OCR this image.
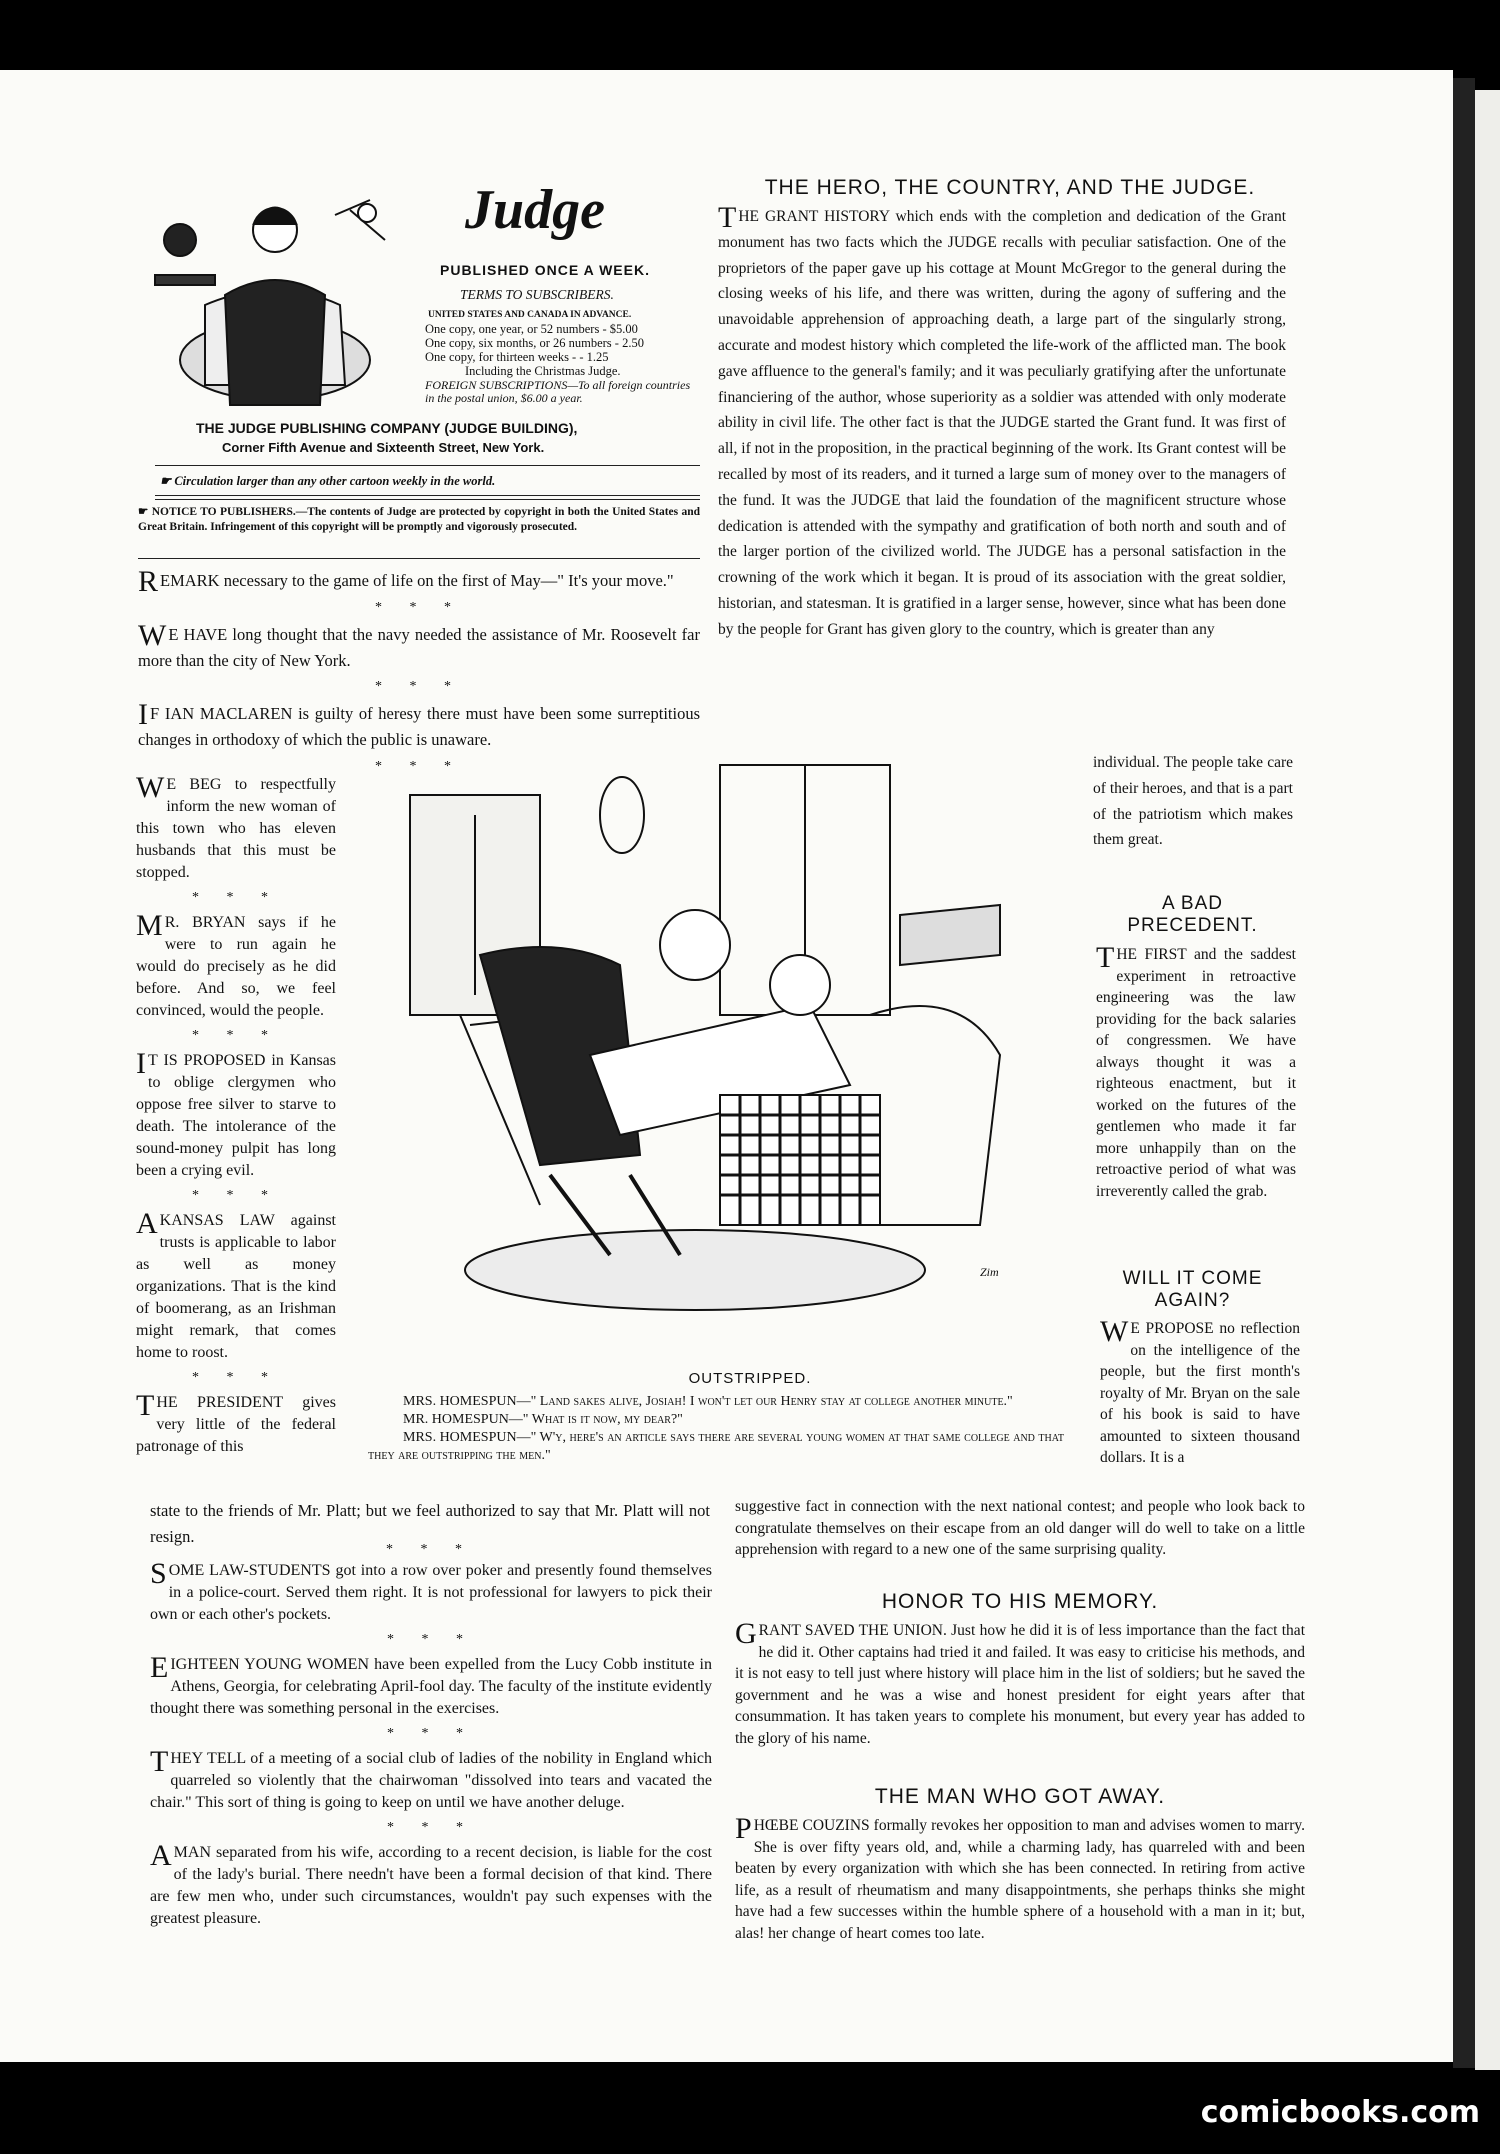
Judge
PUBLISHED ONCE A WEEK.
TERMS TO SUBSCRIBERS.
UNITED STATES AND CANADA IN ADVANCE.
One copy, one year, or 52 numbers - $5.00
One copy, six months, or 26 numbers - 2.50
One copy, for thirteen weeks - - 1.25
Including the Christmas Judge.
FOREIGN SUBSCRIPTIONS—To all foreign countries in the postal union, $6.00 a year.
THE JUDGE PUBLISHING COMPANY (JUDGE BUILDING),
Corner Fifth Avenue and Sixteenth Street, New York.
☛ Circulation larger than any other cartoon weekly in the world.
☛ NOTICE TO PUBLISHERS.—The contents of Judge are protected by copyright in both the United States and Great Britain. Infringement of this copyright will be promptly and vigorously prosecuted.

REMARK necessary to the game of life on the first of May—" It's your move."

* * *

W E HAVE long thought that the navy needed the assistance of Mr. Roosevelt far more than the city of New York.

* * *

I F IAN MACLAREN is guilty of heresy there must have been some surreptitious changes in orthodoxy of which the public is unaware.

* * *

W E BEG to respectfully inform the new woman of this town who has eleven husbands that this must be stopped.

* * *

M R. BRYAN says if he were to run again he would do precisely as he did before. And so, we feel convinced, would the people.

* * *

I T IS PROPOSED in Kansas to oblige clergymen who oppose free silver to starve to death. The intolerance of the sound-money pulpit has long been a crying evil.

* * *

A KANSAS LAW against trusts is applicable to labor as well as money organizations. That is the kind of boomerang, as an Irishman might remark, that comes home to roost.

* * *

THE PRESIDENT gives very little of the federal patronage of this

Zim
OUTSTRIPPED.
MRS. HOMESPUN—" Land sakes alive, Josiah! I won't let our Henry stay at college another minute."
MR. HOMESPUN—" What is it now, my dear?"
MRS. HOMESPUN—" W'y, here's an article says there are several young women at that same college and that they are outstripping the men."
state to the friends of Mr. Platt; but we feel authorized to say that Mr. Platt will not resign.
* * *

SOME LAW-STUDENTS got into a row over poker and presently found themselves in a police-court. Served them right. It is not professional for lawyers to pick their own or each other's pockets.

* * *

EIGHTEEN YOUNG WOMEN have been expelled from the Lucy Cobb institute in Athens, Georgia, for celebrating April-fool day. The faculty of the institute evidently thought there was something personal in the exercises.

* * *

THEY TELL of a meeting of a social club of ladies of the nobility in England which quarreled so violently that the chairwoman "dissolved into tears and vacated the chair." This sort of thing is going to keep on until we have another deluge.

* * *

A MAN separated from his wife, according to a recent decision, is liable for the cost of the lady's burial. There needn't have been a formal decision of that kind. There are few men who, under such circumstances, wouldn't pay such expenses with the greatest pleasure.

THE HERO, THE COUNTRY, AND THE JUDGE.

THE GRANT HISTORY which ends with the completion and dedication of the Grant monument has two facts which the JUDGE recalls with peculiar satisfaction. One of the proprietors of the paper gave up his cottage at Mount McGregor to the general during the closing weeks of his life, and there was written, during the agony of suffering and the unavoidable apprehension of approaching death, a large part of the singularly strong, accurate and modest history which completed the life-work of the afflicted man. The book gave affluence to the general's family; and it was peculiarly gratifying after the unfortunate financiering of the author, whose superiority as a soldier was attended with only moderate ability in civil life. The other fact is that the JUDGE started the Grant fund. It was first of all, if not in the proposition, in the practical beginning of the work. Its Grant contest will be recalled by most of its readers, and it turned a large sum of money over to the managers of the fund. It was the JUDGE that laid the foundation of the magnificent structure whose dedication is attended with the sympathy and gratification of both north and south and of the larger portion of the civilized world. The JUDGE has a personal satisfaction in the crowning of the work which it began. It is proud of its association with the great soldier, historian, and statesman. It is gratified in a larger sense, however, since what has been done by the people for Grant has given glory to the country, which is greater than any

individual. The people take care of their heroes, and that is a part of the patriotism which makes them great.
A BAD PRECEDENT.

THE FIRST and the saddest experiment in retroactive engineering was the law providing for the back salaries of congressmen. We have always thought it was a righteous enactment, but it worked on the futures of the gentlemen who made it far more unhappily than on the retroactive period of what was irreverently called the grab.

WILL IT COME AGAIN?

W E PROPOSE no reflection on the intelligence of the people, but the first month's royalty of Mr. Bryan on the sale of his book is said to have amounted to sixteen thousand dollars. It is a

suggestive fact in connection with the next national contest; and people who look back to congratulate themselves on their escape from an old danger will do well to take on a little apprehension with regard to a new one of the same surprising quality.
HONOR TO HIS MEMORY.

GRANT SAVED THE UNION. Just how he did it is of less importance than the fact that he did it. Other captains had tried it and failed. It was easy to criticise his methods, and it is not easy to tell just where history will place him in the list of soldiers; but he saved the government and he was a wise and honest president for eight years after that consummation. It has taken years to complete his monument, but every year has added to the glory of his name.

THE MAN WHO GOT AWAY.

PHŒBE COUZINS formally revokes her opposition to man and advises women to marry. She is over fifty years old, and, while a charming lady, has quarreled with and been beaten by every organization with which she has been connected. In retiring from active life, as a result of rheumatism and many disappointments, she perhaps thinks she might have had a few successes within the humble sphere of a household with a man in it; but, alas! her change of heart comes too late.

comicbooks.com
